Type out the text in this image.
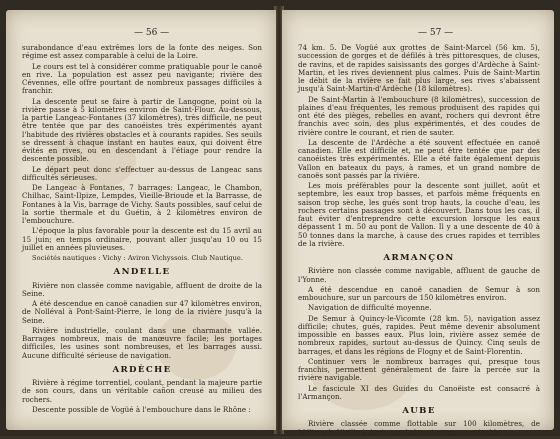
— 56 —

surabondance d'eau extrêmes lors de la fonte des neiges. Son régime est assez comparable à celui de la Loire.

Le cours est tel à considérer comme pratiquable pour le canoë en rive. La population est assez peu navigante; rivière des Cévennes, elle offre pourtant de nombreux passages difficiles à franchir.

La descente peut se faire à partir de Langogne, point où la rivière passe à 5 kilomètres environ de Saint-Flour. Au-dessous, la partie Langeac-Fontanes (37 kilomètres), très difficile, ne peut être tentée que par des canoéistes très expérimentés ayant l'habitude des rivières obstacles et à courants rapides. Ses seuils se dressent à chaque instant en hautes eaux, qui doivent être évités en rives, ou en descendant à l'étiage pour rendre la descente possible.

Le départ peut donc s'effectuer au-dessus de Langeac sans difficultés sérieuses.

De Langeac à Fontanes, 7 barrages: Langeac, le Chambon, Chilhac, Saint-Ilpize, Lempdes, Vieille-Brioude et la Barrasse, de Fontanes à la Vis, barrage de Vichy. Sauts possibles, sauf celui de la sortie thermale et du Guétin, à 2 kilomètres environ de l'embouchure.

L'époque la plus favorable pour la descente est du 15 avril au 15 juin; en temps ordinaire, pouvant aller jusqu'au 10 ou 15 juillet en années pluvieuses.

Sociétés nautiques : Vichy : Aviron Vichyssois. Club Nautique.

ANDELLE

Rivière non classée comme navigable, affluent de droite de la Seine.

A été descendue en canoë canadien sur 47 kilomètres environ, de Nolléval à Pont-Saint-Pierre, le long de la rivière jusqu'à la Seine.

Rivière industrielle, coulant dans une charmante vallée. Barrages nombreux, mais de manœuvre facile; les portages difficiles, les usines sont nombreuses, et les barrages aussi. Aucune difficulté sérieuse de navigation.

ARDÈCHE

Rivière à régime torrentiel, coulant, pendant la majeure partie de son cours, dans un véritable cañon creusé au milieu des rochers.

Descente possible de Vogüé à l'embouchure dans le Rhône :

— 57 —

74 km. 5. De Vogüé aux grottes de Saint-Marcel (56 km. 5), succession de gorges et de défilés à très pittoresques, de cluses, de ravins, et de rapides saisissants des gorges d'Ardèche à Saint-Martin, et les rives deviennent plus calmes. Puis de Saint-Martin le débit de la rivière se fait plus large, ses rives s'abaissent jusqu'à Saint-Martin-d'Ardèche (18 kilomètres).

De Saint-Martin à l'embouchure (8 kilomètres), succession de plaines d'eau fréquentes, les remous produisent des rapides qui ont été des pièges, rebelles en avant, rochers qui devront être franchis avec soin, des plus expérimentés, et des coudes de rivière contre le courant, et rien de sauter.

La descente de l'Ardèche a été souvent effectuée en canoë canadien. Elle est difficile et, ne peut être tentée que par des canoéistes très expérimentés. Elle a été faite également depuis Vallon en bateaux du pays, à rames, et un grand nombre de canoës sont passés par la rivière.

Les mois préférables pour la descente sont juillet, août et septembre, les eaux trop basses, et parfois même fréquents en saison trop sèche, les gués sont trop hauts, la couche d'eau, les rochers certains passages sont à découvert. Dans tous les cas, il faut éviter d'entreprendre cette excursion lorsque les eaux dépassent 1 m. 50 au pont de Vallon. Il y a une descente de 40 à 50 tonnes dans la marche, à cause des crues rapides et terribles de la rivière.

ARMANÇON

Rivière non classée comme navigable, affluent de gauche de l'Yonne.

A été descendue en canoë canadien de Semur à son embouchure, sur un parcours de 150 kilomètres environ.

Navigation de difficulté moyenne.

De Semur à Quincy-le-Vicomte (28 km. 5), navigation assez difficile; chutes, gués, rapides. Peut même devenir absolument impossible en basses eaux. Plus loin, rivière assez semée de nombreux rapides, surtout au-dessus de Quincy. Cinq seuls de barrages, et dans les régions de Flogny et de Saint-Florentin.

Continuer vers le nombreux barrages qui, presque tous franchis, permettent généralement de faire la percée sur la rivière navigable.

Le fascicule XI des Guides du Canoëiste est consacré à l'Armançon.

AUBE

Rivière classée comme flottable sur 100 kilomètres, de Mélisey-la-Vieille à Arcis-sur-Aube, et comme navigable.
